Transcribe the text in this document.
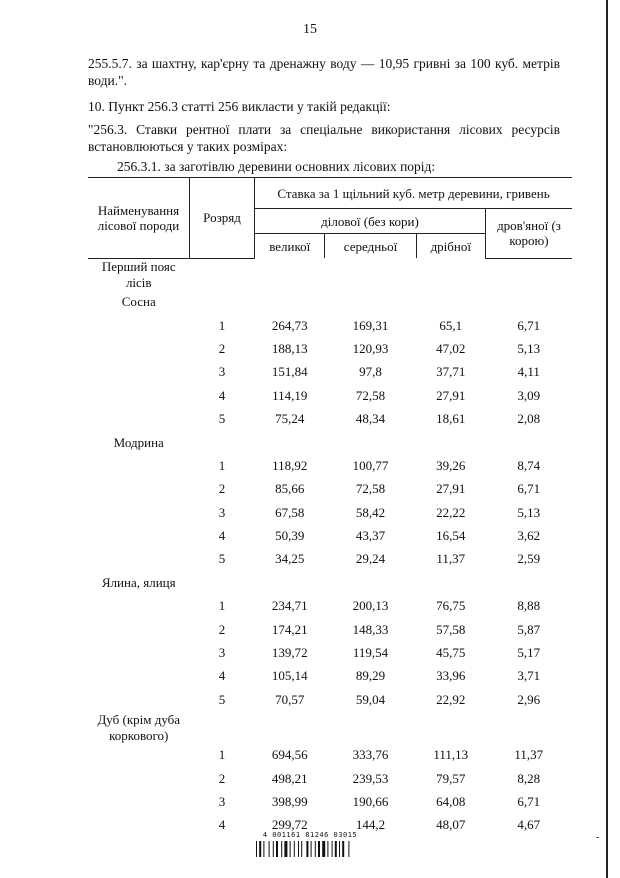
15
255.5.7. за шахтну, кар'єрну та дренажну воду — 10,95 гривні за 100 куб. метрів води.".
10. Пункт 256.3 статті 256 викласти у такій редакції:
"256.3. Ставки рентної плати за спеціальне використання лісових ресурсів встановлюються у таких розмірах:
256.3.1. за заготівлю деревини основних лісових порід:
Найменування лісової породи	Розряд	Ставка за 1 щільний куб. метр деревини, гривень			
		ділової (без кори)			дров'яної (з корою)
		великої	середньої	дрібної	
Перший пояс лісів					
Сосна					
	1	264,73	169,31	65,1	6,71
	2	188,13	120,93	47,02	5,13
	3	151,84	97,8	37,71	4,11
	4	114,19	72,58	27,91	3,09
	5	75,24	48,34	18,61	2,08
Модрина					
	1	118,92	100,77	39,26	8,74
	2	85,66	72,58	27,91	6,71
	3	67,58	58,42	22,22	5,13
	4	50,39	43,37	16,54	3,62
	5	34,25	29,24	11,37	2,59
Ялина, ялиця					
	1	234,71	200,13	76,75	8,88
	2	174,21	148,33	57,58	5,87
	3	139,72	119,54	45,75	5,17
	4	105,14	89,29	33,96	3,71
	5	70,57	59,04	22,92	2,96
Дуб (крім дуба коркового)					
	1	694,56	333,76	111,13	11,37
	2	498,21	239,53	79,57	8,28
	3	398,99	190,66	64,08	6,71
	4	299,72	144,2	48,07	4,67
4 001161 81246 03015	-
